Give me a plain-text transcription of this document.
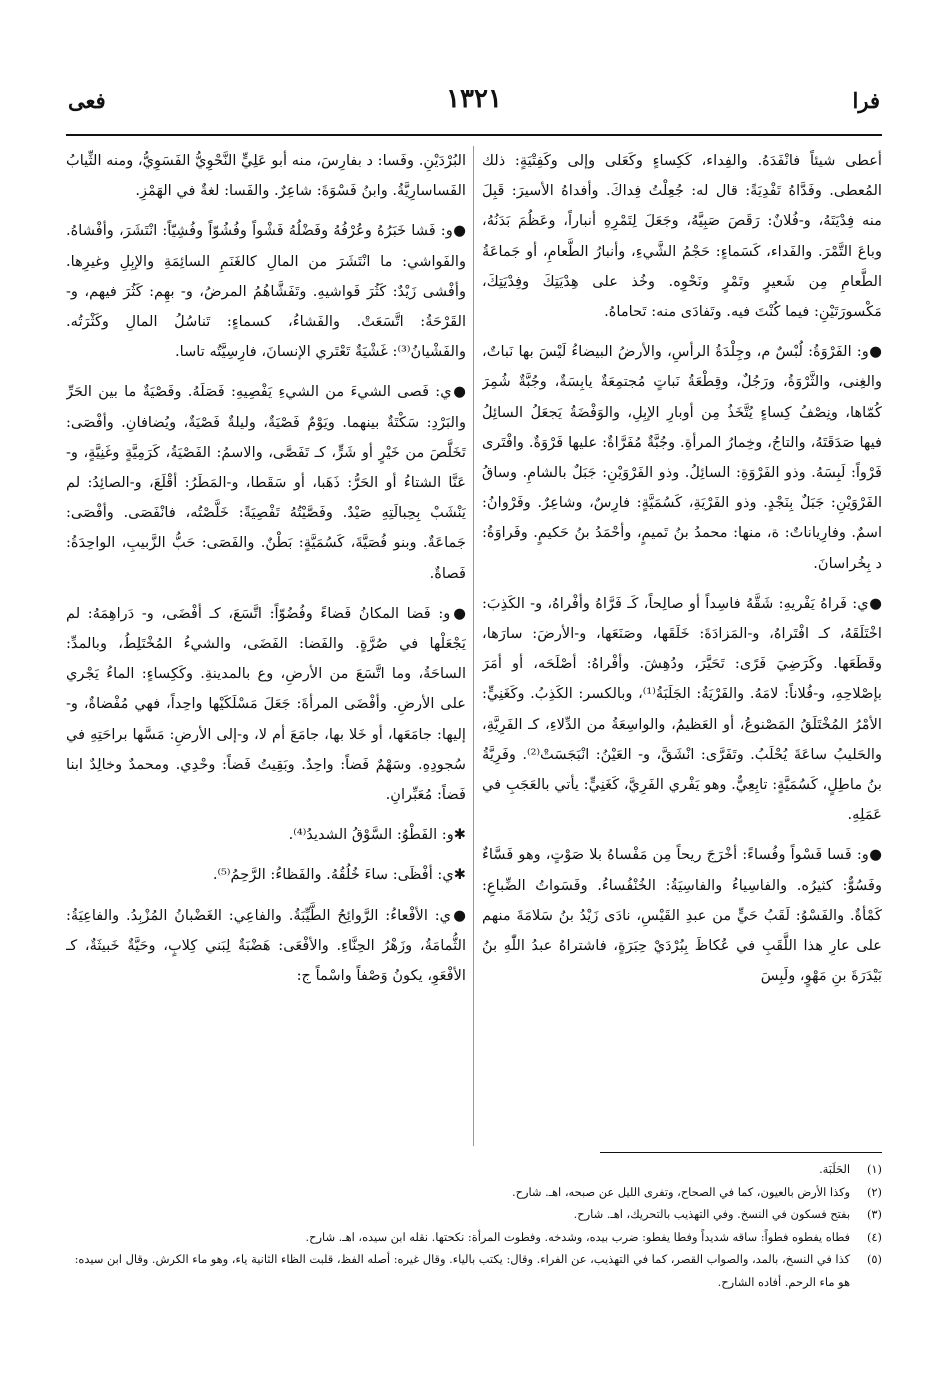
فرا
١٣٢١
فعى

أعطى شيئاً فانْفَدَهُ. والفِداء، كَكِساءٍ وكَعَلى وإلى وكَفِتْيَةٍ: ذلك المُعطى. وفَدَّاهُ تَفْدِيَةً: قال له: جُعِلْتُ فِداكَ. وأفداهُ الأسيرَ: قَبِلَ منه فِدْيَتَهُ، و-فُلانٌ: رَقَصَ صَبِيَّهُ، وجَعَلَ لِتَمْرِهِ أنباراً، وعَظُمَ بَدَنُهُ، وباعَ التَّمْرَ. والفَداء، كَسَماءٍ: حَجْمُ الشَّيءِ، وأنبارُ الطَّعامِ، أو جَماعَةُ الطَّعامِ مِن شَعيرٍ وتَمْرٍ ونَحْوِه. وخُذ على هِدْيَتِكَ وفِدْيَتِكَ، مَكْسورَتَيْنِ: فيما كُنْتَ فيه. وتَفادَى منه: تَحاماهُ.

●و: الفَرْوَةُ: لُبْسٌ م، وجِلْدَةُ الرأسِ، والأرضُ البيضاءُ لَيْسَ بها نَباتٌ، والغِنى، والثَّرْوَةُ، ورَجُلٌ، وقِطْعَةُ نَباتٍ مُجتمِعَةٌ يابِسَةٌ، وجُبَّةٌ شُمِرَ كُمّاها، ونِصْفُ كِساءٍ يُتَّخَذُ مِن أوبارِ الإبِلِ، والوَفْضَةُ يَجعَلُ السائِلُ فيها صَدَقَتَهُ، والتاجُ، وخِمارُ المرأةِ. وجُبَّةٌ مُفَرَّاةٌ: عليها فَرْوَةٌ. وافْتَرى فَرْواً: لَبِسَهُ. وذو الفَرْوَةِ: السائِلُ. وذو الفَرْوَيْنِ: جَبَلٌ بالشامِ. وساقُ الفَرْوَيْنِ: جَبَلٌ بِنَجْدٍ. وذو الفَرْيَةِ، كَسُمَيَّةٍ: فارِسٌ، وشاعِرٌ. وفَرْوانُ: اسمٌ. وفارِياناتٌ: ة، منها: محمدُ بنُ تَميمٍ، وأحْمَدُ بنُ حَكيمٍ. وفَراوَةُ: د بِخُراسانَ.

●ي: فَراهُ يَفْريهِ: شَقَّهُ فاسِداً أو صالِحاً، كَـ فَرَّاهُ وأفْراهُ، و- الكَذِبَ: اخْتَلَقَهُ، كـ افْتَراهُ، و-المَزادَةَ: خَلَقَها، وصَنَعَها، و-الأرضَ: سارَها، وقَطَعَها. وكَرَضِيَ فَرًى: تَحَيَّرَ، ودُهِشَ. وأفْراهُ: أصْلَحَه، أو أمَرَ بإصْلاحِهِ، و-فُلاناً: لامَهُ. والفَرْيَةُ: الجَلَبَةُ⁽¹⁾، وبالكسر: الكَذِبُ. وكَغَنِيٍّ: الأمْرُ المُخْتَلَقُ المَصْنوعُ، أو العَظيمُ، والواسِعَةُ من الدِّلاءِ، كـ الفَرِيَّةِ، والحَليبُ ساعَةَ يُحْلَبُ. وتَفَرَّى: انْشَقَّ، و- العَيْنُ: انْبَجَسَتْ⁽²⁾. وفَرِيَّةُ بنُ ماطِلٍ، كَسُمَيَّةٍ: تابِعِيٌّ. وهو يَفْري الفَرِيَّ، كَغَنِيٍّ: يأتي بالعَجَبِ في عَمَلِهِ.

●و: فَسا فَسْواً وفُساءً: أخْرَجَ ريحاً مِن مَفْساهُ بلا صَوْتٍ، وهو فَسَّاءٌ وفَسُوٌّ: كثيرُه. والفاسِياءُ والفاسِيَةُ: الخُنْفُساءُ. وفَسَواتُ الضِّباعِ: كَمْأةٌ. والفَسْوُ: لَقَبُ حَيٍّ من عبدِ القَيْسِ، نادَى زَيْدُ بنُ سَلامَةَ منهم على عارِ هذا اللَّقَبِ في عُكاظَ بِبُرْدَيْ حِبَرَةٍ، فاشتراهُ عبدُ اللّٰهِ بنُ بَيْدَرَةَ بنِ مَهْوٍ، ولَبِسَ

البُرْدَيْنِ. وفَسا: د بفارِسَ، منه أبو عَلِيٍّ النَّحْوِيُّ الفَسَوِيُّ، ومنه الثِّيابُ الفَساسارِيَّةُ. وابنُ فَسْوَةَ: شاعِرٌ. والفَسا: لغةٌ في الهَمْزِ.

●و: فَشا خَبَرُهُ وعُرْفُهُ وفَضْلُهُ فَشْواً وفُشُوّاً وفُشِيّاً: انْتَشَرَ، وأفْشاهُ. والفَواشي: ما انْتَشَرَ من المالِ كالغَنَمِ السائِمَةِ والإبِلِ وغيرِها. وأفْشى زَيْدٌ: كَثُرَ فَواشيهِ. وتَفَشَّاهُمُ المرضُ، و- بهِم: كَثُرَ فيهم، و-القَرْحَةُ: اتَّسَعَتْ. والفَشاءُ، كسماءٍ: تَناسُلُ المالِ وكَثْرَتُه. والفَشْيانُ⁽³⁾: غَشْيَةٌ تَعْتَري الإنسانَ، فارِسِيَّتُه تاسا.

●ي: فَصى الشيءَ من الشيءِ يَفْصِيهِ: فَصَلَهُ. وفَصْيَةٌ ما بين الحَرِّ والبَرْدِ: سَكْتَةٌ بينهما. ويَوْمٌ فَصْيَةٌ، وليلةٌ فَصْيَةٌ، ويُضافانِ. وأفْصَى: تَخَلَّصَ من خَيْرٍ أو شَرٍّ، كـ تَفَصَّى، والاسمُ: الفَصْيَةُ، كَرَمِيَّةٍ وغَنِيَّةٍ، و-عَنَّا الشتاءُ أو الحَرُّ: ذَهَبا، أو سَقَطا، و-المَطَرُ: أقْلَعَ، و-الصائِدُ: لم يَنْشَبْ بِحِبالَتِهِ صَيْدٌ. وفَصَّيْتُهُ تَفْصِيَةً: خَلَّصْتُه، فانْفَصَى. وأفْصَى: جَماعَةٌ. وبنو فُصَيَّةَ، كَسُمَيَّةٍ: بَطْنٌ. والفَصَى: حَبُّ الزَّبيبِ، الواحِدَةُ: فَصاةٌ.

●و: فَضا المكانُ فَضاءً وفُضُوّاً: اتَّسَعَ، كـ أفْضَى، و- دَراهِمَهُ: لم يَجْعَلْها في صُرَّةٍ. والفَضا: الفَضَى، والشيءُ المُخْتَلِطُ، وبالمدِّ: الساحَةُ، وما اتَّسَعَ من الأرضِ، وع بالمدينةِ. وكَكِساءٍ: الماءُ يَجْري على الأرضِ. وأفْضَى المرأةَ: جَعَلَ مَسْلَكَيْها واحِداً، فهي مُفْضاةٌ، و-إليها: جامَعَها، أو خَلا بها، جامَعَ أم لا، و-إلى الأرضِ: مَسَّها براحَتِهِ في سُجودِهِ. وسَهْمٌ فَضاً: واحِدٌ. وبَقِيتُ فَضاً: وحْدِي. ومحمدٌ وخالِدٌ ابنا فَضاً: مُعَبِّرانِ.

✱و: الفَطْوُ: السَّوْقُ الشديدُ⁽⁴⁾.

✱ي: أفْظَى: ساءَ خُلُقُهُ. والفَظاءُ: الرَّحِمُ⁽⁵⁾.

●ي: الأفْعاءُ: الرَّوائِحُ الطَّيِّبَةُ. والفاعِي: الغَضْبانُ المُزْبِدُ. والفاعِيَةُ: الثُّمامَةُ، وزَهْرُ الحِنَّاءِ. والأفْعَى: هَضْبَةٌ لِبَني كِلابٍ، وحَيَّةٌ خَبيثَةٌ، كـ الأفْعَوِ، يكونُ وَصْفاً واسْماً ج:

(١)
الحَلَبَة.
(٢)
وكذا الأرض بالعيون، كما في الصحاح، وتفرى الليل عن صبحه، اهـ. شارح.
(٣)
بفتح فسكون في النسخ. وفي التهذيب بالتحريك، اهـ. شارح.
(٤)
فطاه يفطوه فطواً: ساقه شديداً وفطا يفطو: ضرب بيده، وشدخه. وفطوت المرأة: نكحتها. نقله ابن سيده، اهـ. شارح.
(٥)
كذا في النسخ، بالمد، والصواب القصر، كما في التهذيب، عن الفراء. وقال: يكتب بالياء. وقال غيره: أصله الفظ، قلبت الظاء الثانية ياء، وهو ماء الكرش. وقال ابن سيده: هو ماء الرحم. أفاده الشارح.
